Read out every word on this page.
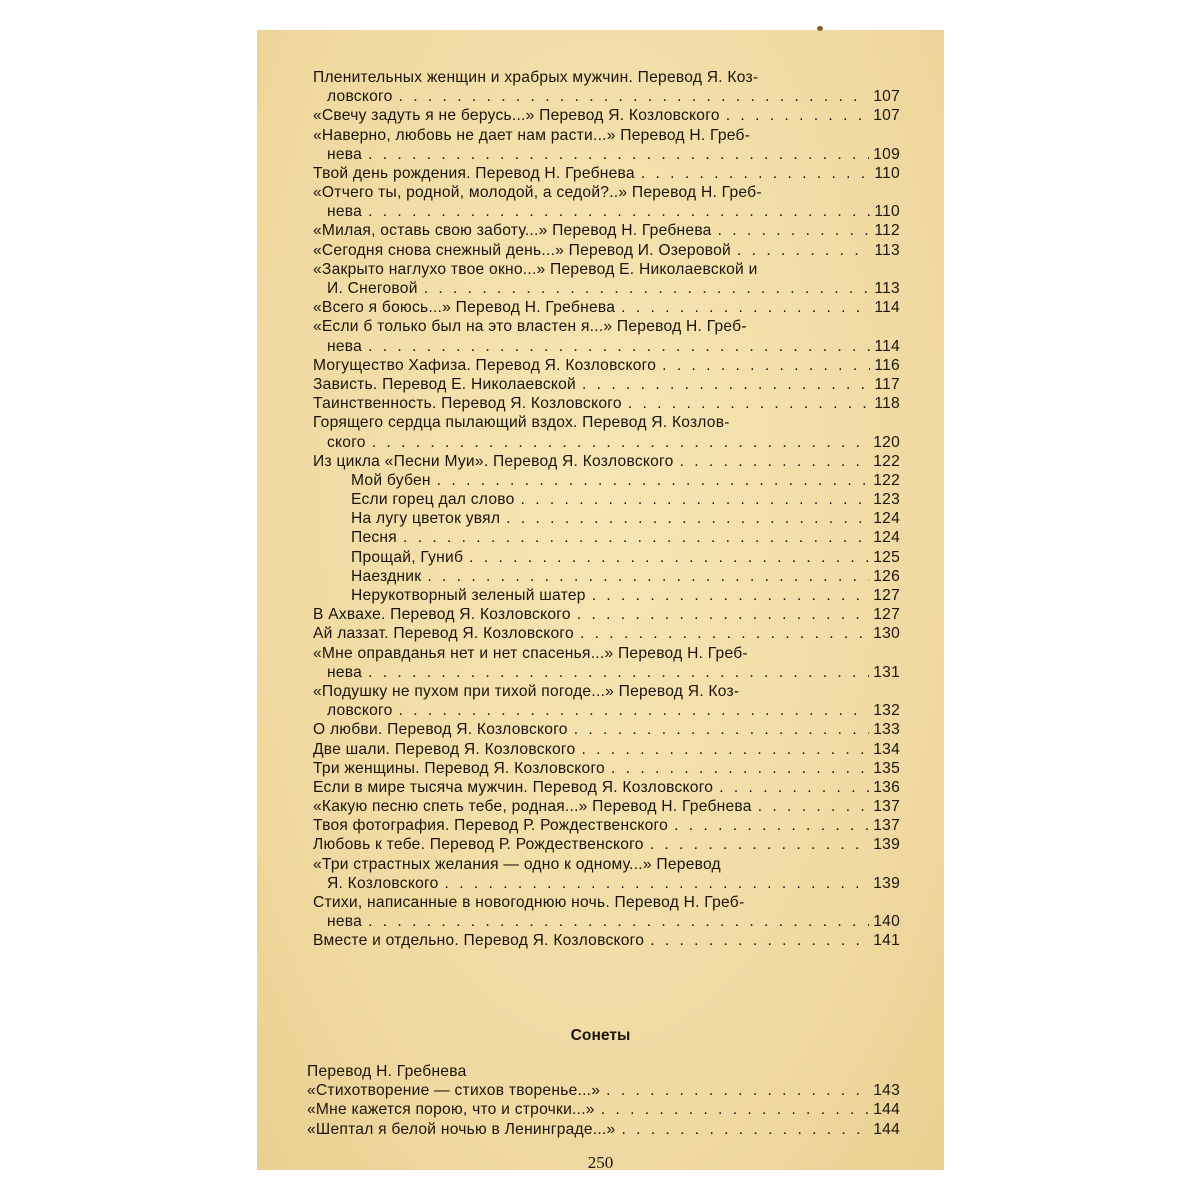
Пленительных женщин и храбрых мужчин. Перевод Я. Коз-
ловского . . .	107
«Свечу задуть я не берусь...» Перевод Я. Козловского . . .	107
«Наверно, любовь не дает нам расти...» Перевод Н. Греб-
нева . . .	109
Твой день рождения. Перевод Н. Гребнева . . .	110
«Отчего ты, родной, молодой, а седой?..» Перевод Н. Греб-
нева . . .	110
«Милая, оставь свою заботу...» Перевод Н. Гребнева . . .	112
«Сегодня снова снежный день...» Перевод И. Озеровой . . .	113
«Закрыто наглухо твое окно...» Перевод Е. Николаевской и
И. Снеговой . . .	113
«Всего я боюсь...» Перевод Н. Гребнева . . .	114
«Если б только был на это властен я...» Перевод Н. Греб-
нева . . .	114
Могущество Хафиза. Перевод Я. Козловского . . .	116
Зависть. Перевод Е. Николаевской . . .	117
Таинственность. Перевод Я. Козловского . . .	118
Горящего сердца пылающий вздох. Перевод Я. Козлов-
ского . . .	120
Из цикла «Песни Муи». Перевод Я. Козловского . . .	122
Мой бубен . . .	122
Если горец дал слово . . .	123
На лугу цветок увял . . .	124
Песня . . .	124
Прощай, Гуниб . . .	125
Наездник . . .	126
Нерукотворный зеленый шатер . . .	127
В Ахвахе. Перевод Я. Козловского . . .	127
Ай лаззат. Перевод Я. Козловского . . .	130
«Мне оправданья нет и нет спасенья...» Перевод Н. Греб-
нева . . .	131
«Подушку не пухом при тихой погоде...» Перевод Я. Коз-
ловского . . .	132
О любви. Перевод Я. Козловского . . .	133
Две шали. Перевод Я. Козловского . . .	134
Три женщины. Перевод Я. Козловского . . .	135
Если в мире тысяча мужчин. Перевод Я. Козловского . . .	136
«Какую песню спеть тебе, родная...» Перевод Н. Гребнева . . .	137
Твоя фотография. Перевод Р. Рождественского . . .	137
Любовь к тебе. Перевод Р. Рождественского . . .	139
«Три страстных желания — одно к одному...» Перевод
Я. Козловского . . .	139
Стихи, написанные в новогоднюю ночь. Перевод Н. Греб-
нева . . .	140
Вместе и отдельно. Перевод Я. Козловского . . .	141
Сонеты
Перевод Н. Гребнева
«Стихотворение — стихов творенье...» . . .	143
«Мне кажется порою, что и строчки...» . . .	144
«Шептал я белой ночью в Ленинграде...» . . .	144
250
